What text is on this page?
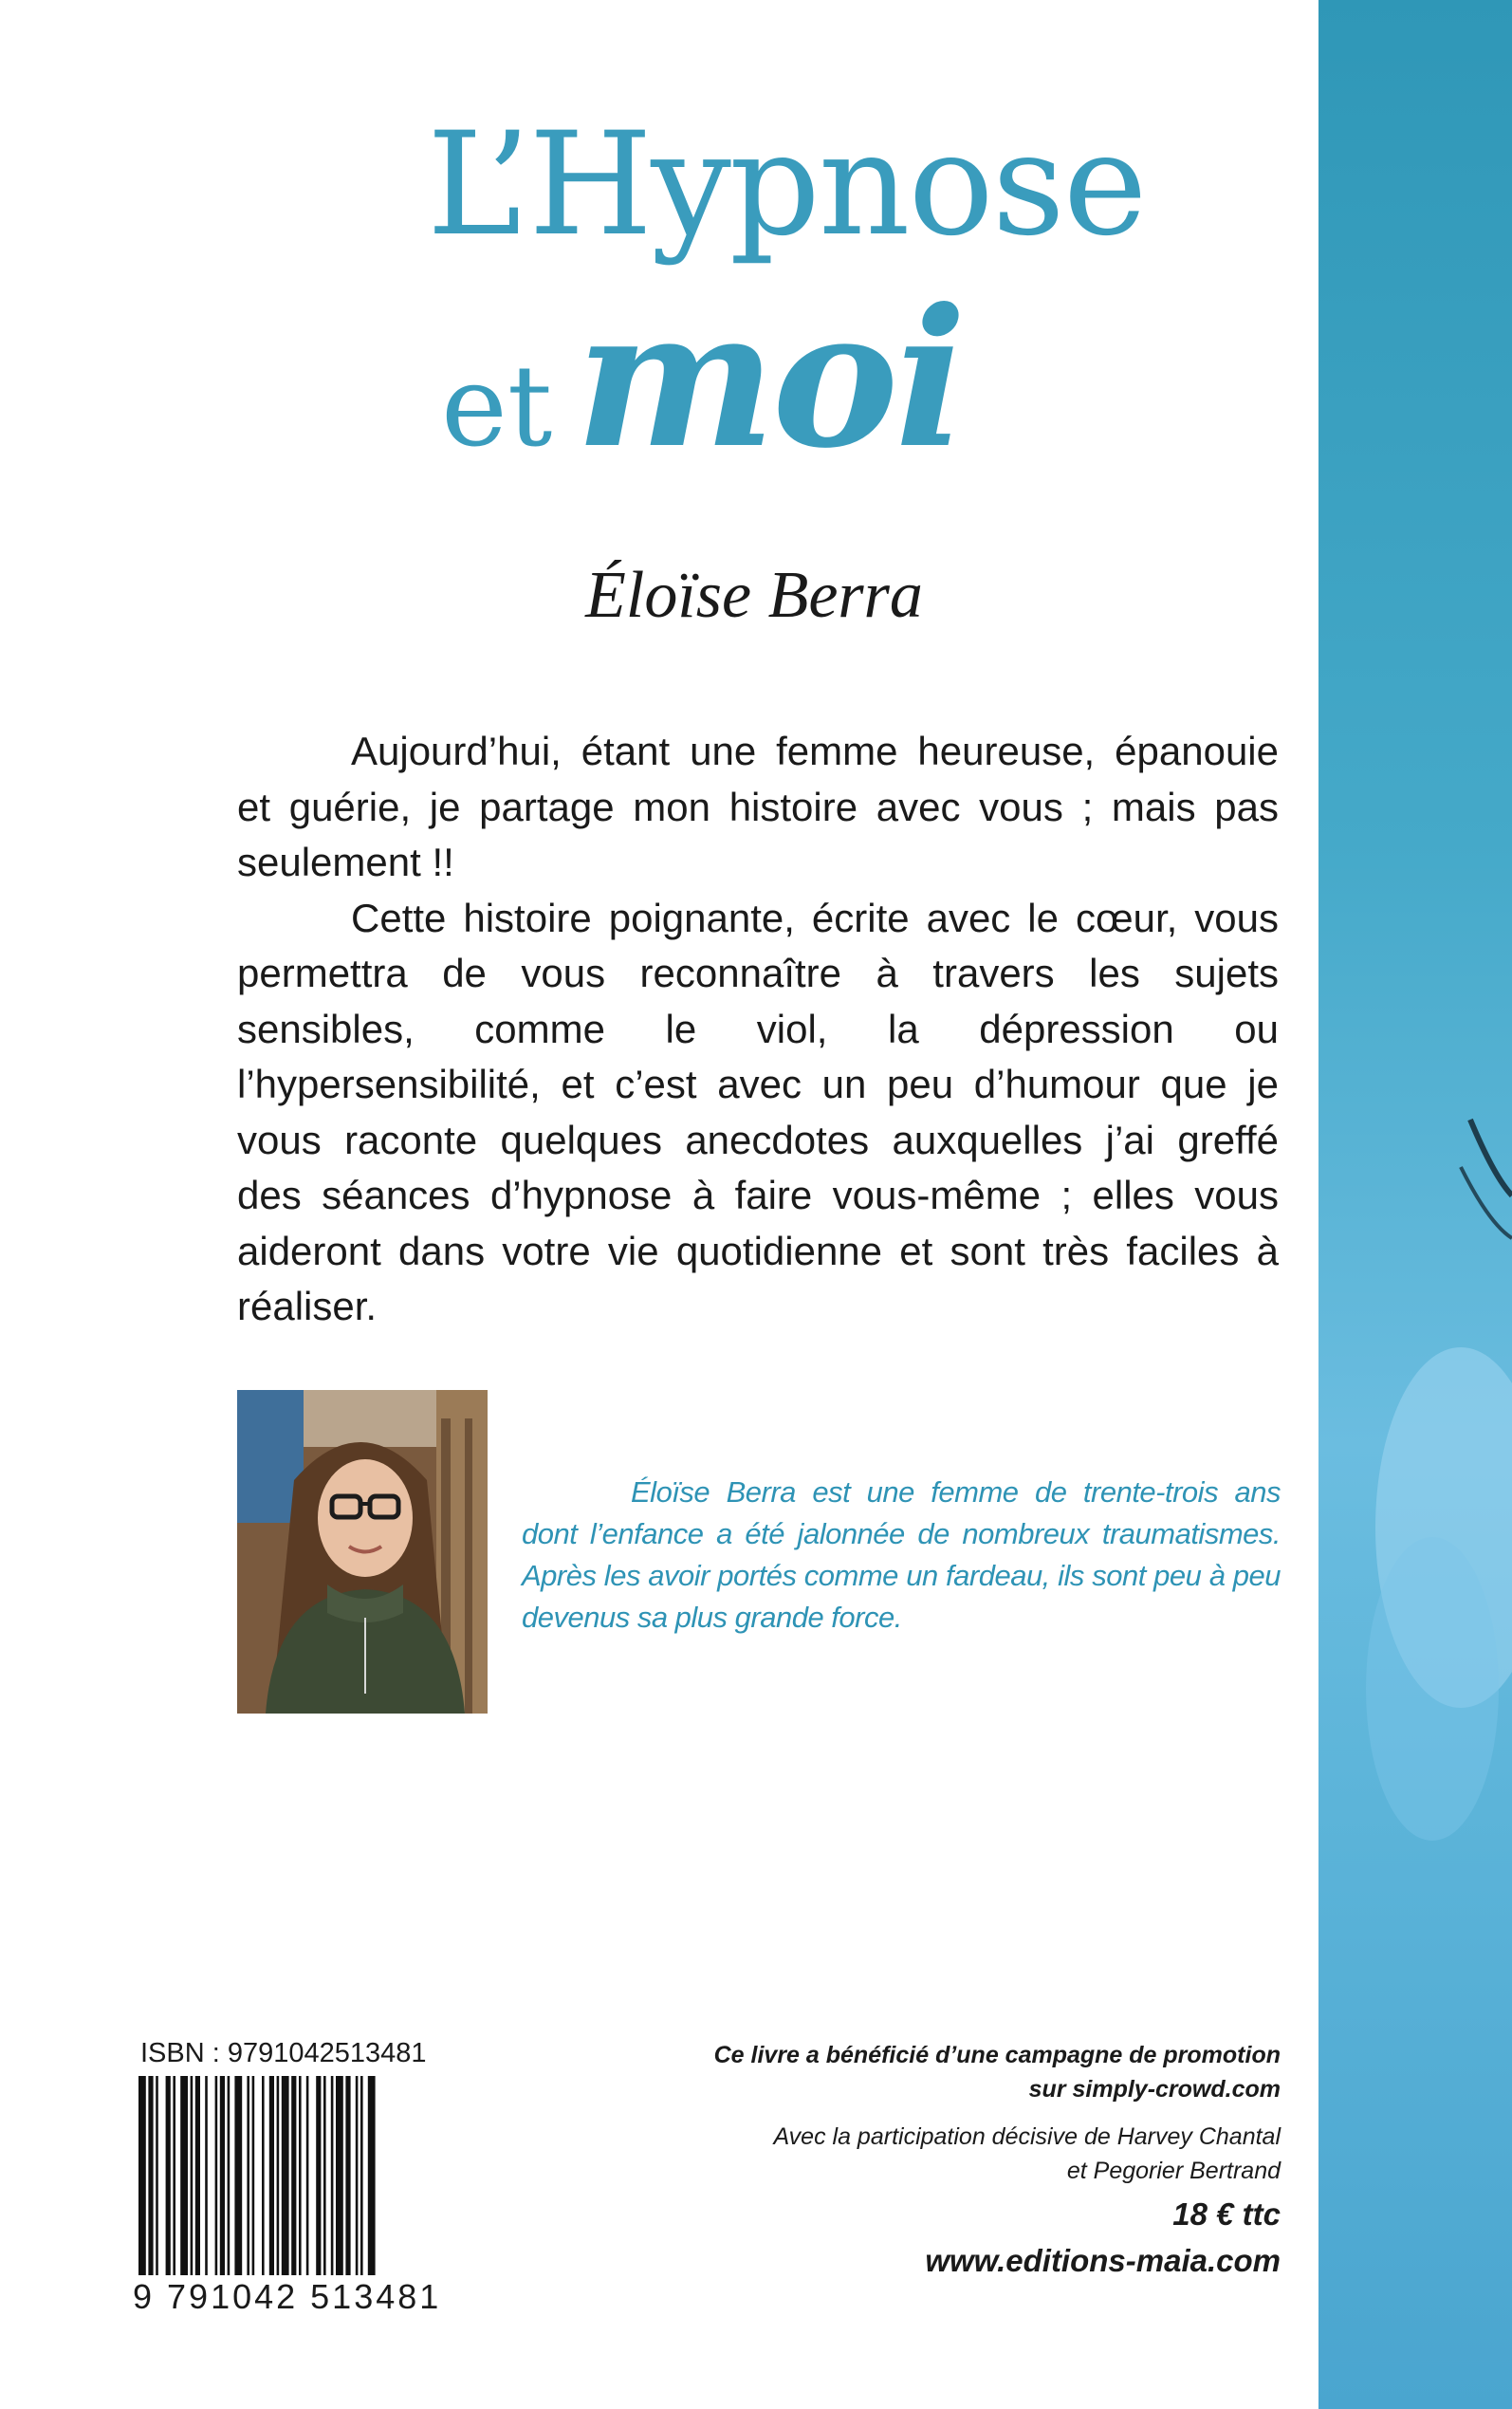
L’Hypnose
et moi
Éloïse Berra

Aujourd’hui, étant une femme heureuse, épanouie et guérie, je partage mon histoire avec vous ; mais pas seulement !!

Cette histoire poignante, écrite avec le cœur, vous permettra de vous reconnaître à travers les sujets sensibles, comme le viol, la dépression ou l’hypersensibilité, et c’est avec un peu d’humour que je vous raconte quelques anecdotes auxquelles j’ai greffé des séances d’hypnose à faire vous-même ; elles vous aideront dans votre vie quotidienne et sont très faciles à réaliser.

Éloïse Berra est une femme de trente-trois ans dont l’enfance a été jalonnée de nombreux traumatismes. Après les avoir portés comme un fardeau, ils sont peu à peu devenus sa plus grande force.

ISBN : 9791042513481
9 791042 513481
Ce livre a bénéficié d’une campagne de promotion
sur simply-crowd.com
Avec la participation décisive de Harvey Chantal
et Pegorier Bertrand
18 € ttc
www.editions-maia.com
